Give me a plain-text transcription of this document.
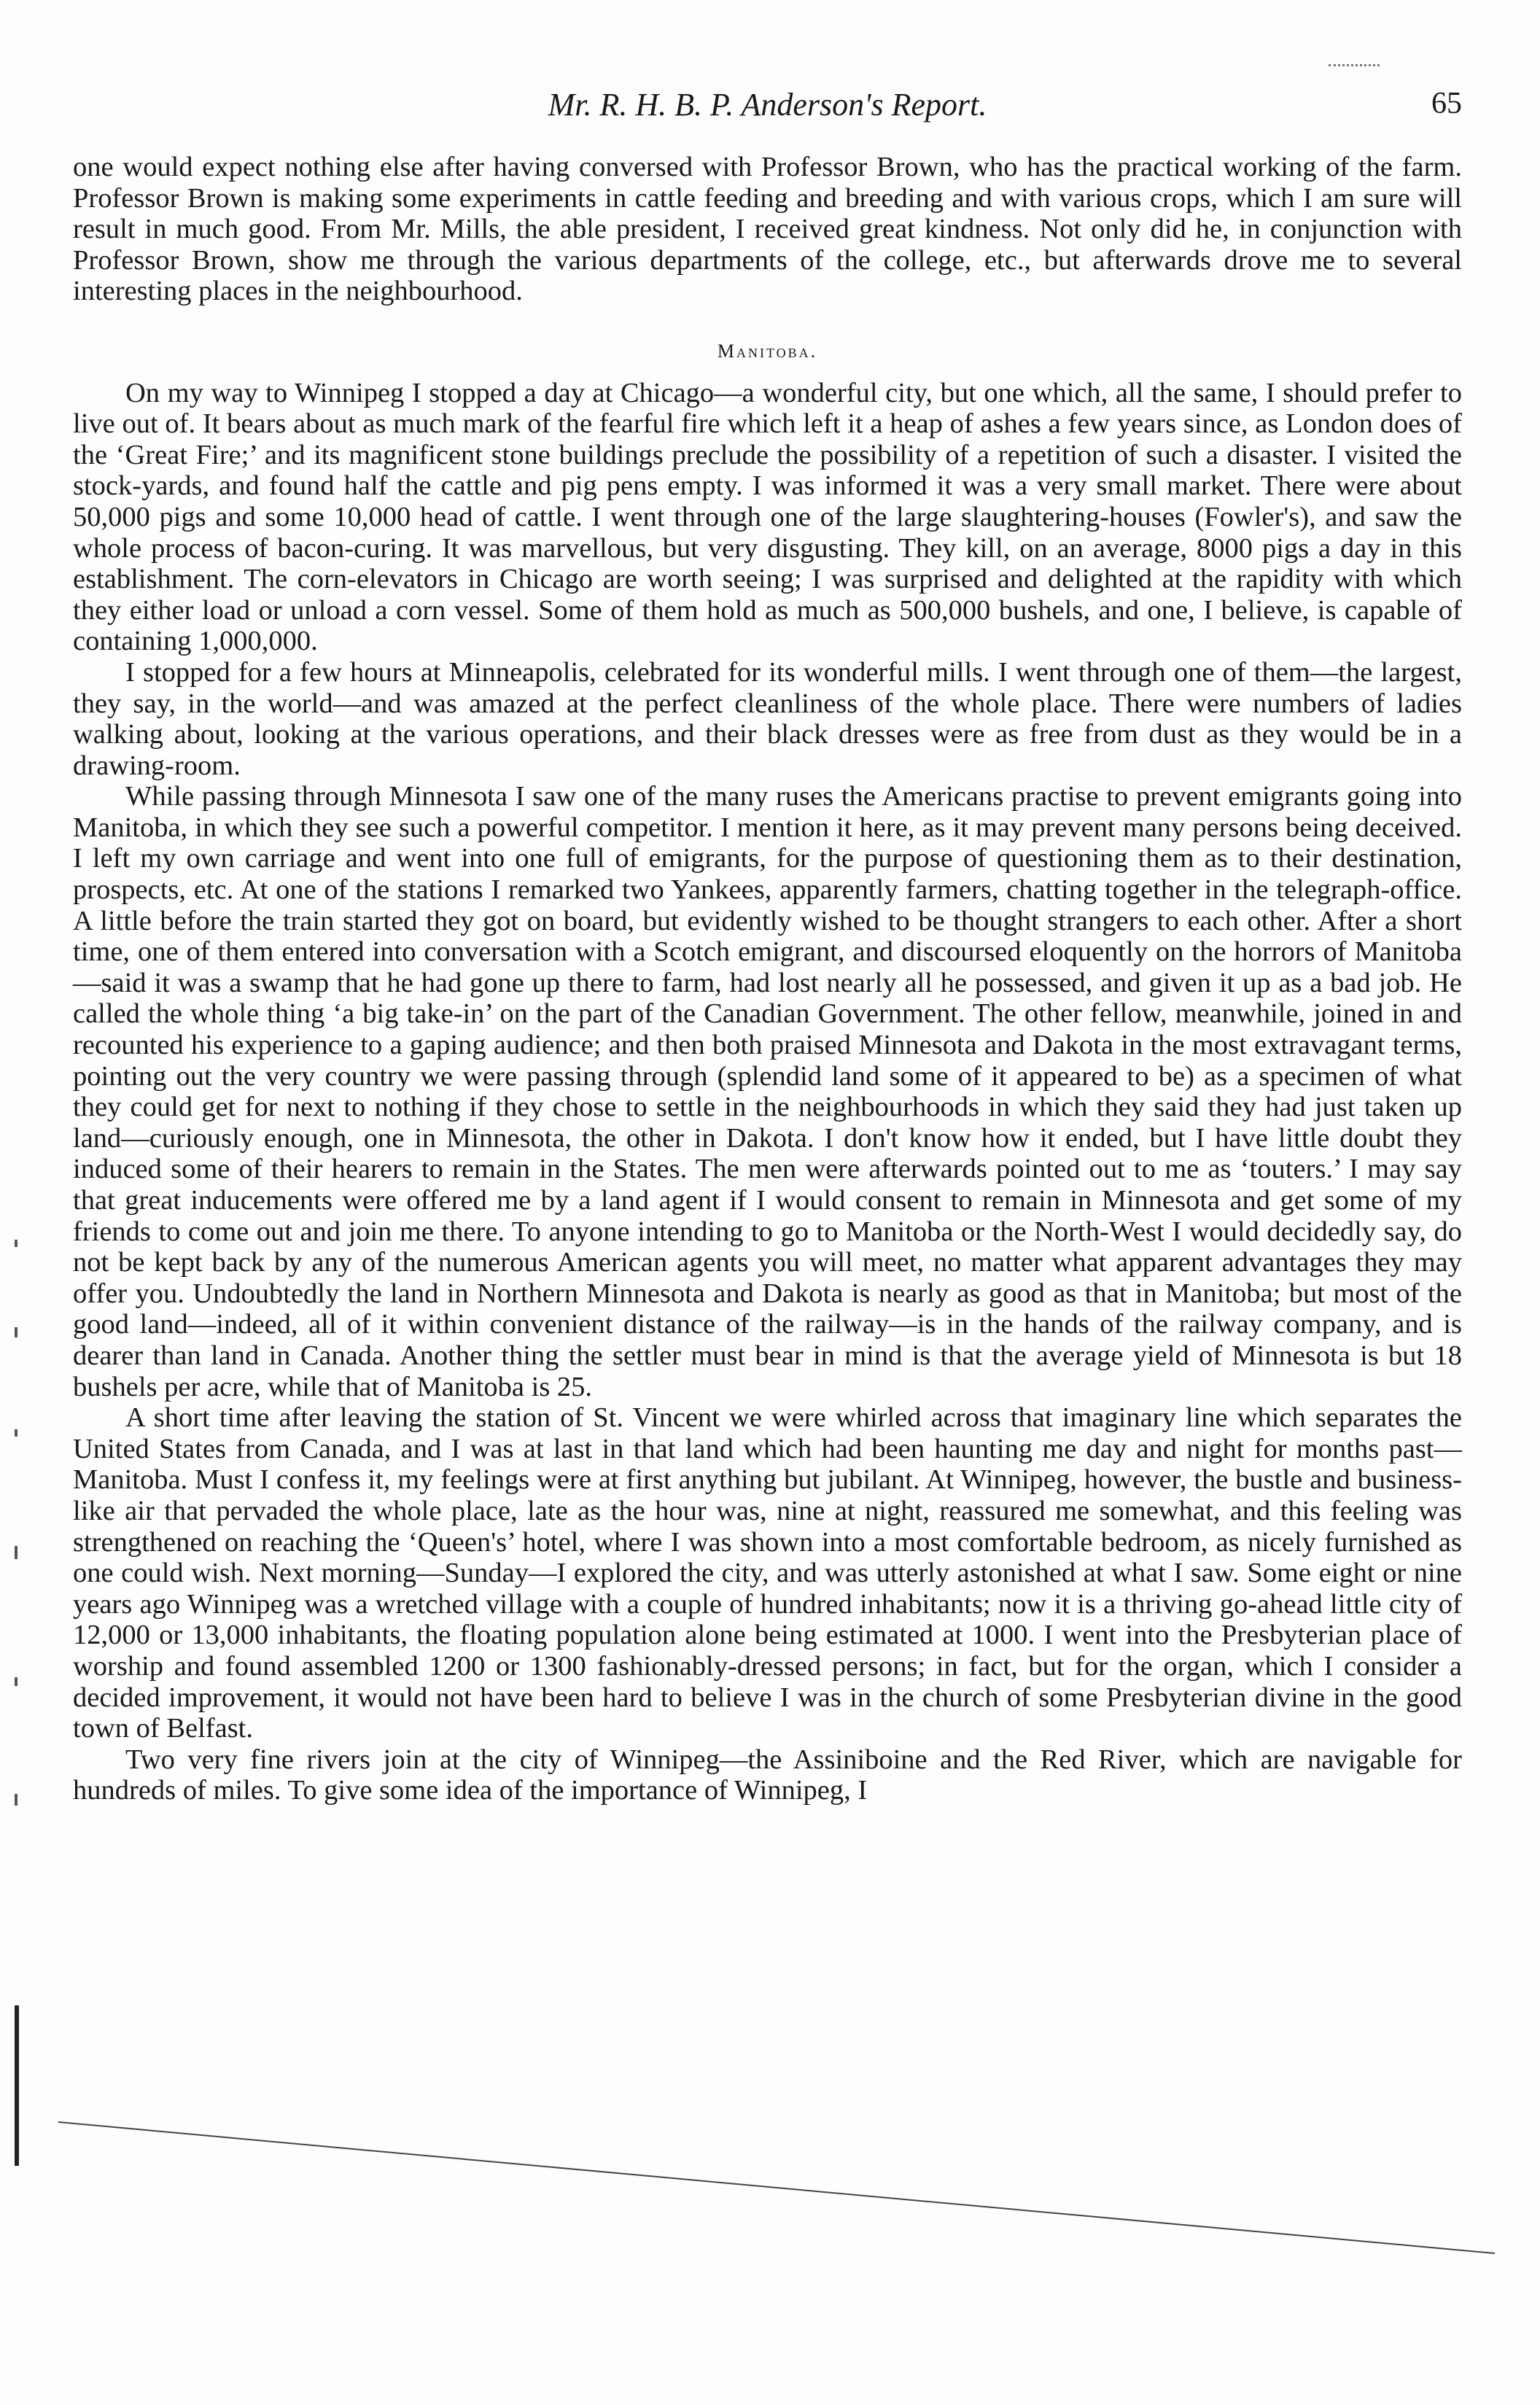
Mr. R. H. B. P. Anderson's Report.	65

one would expect nothing else after having conversed with Professor Brown, who has the practical working of the farm. Professor Brown is making some experiments in cattle feeding and breeding and with various crops, which I am sure will result in much good. From Mr. Mills, the able president, I received great kindness. Not only did he, in conjunction with Professor Brown, show me through the various departments of the college, etc., but afterwards drove me to several interesting places in the neighbourhood.

Manitoba.

On my way to Winnipeg I stopped a day at Chicago—a wonderful city, but one which, all the same, I should prefer to live out of. It bears about as much mark of the fearful fire which left it a heap of ashes a few years since, as London does of the ‘Great Fire;’ and its magnificent stone buildings preclude the possibility of a repetition of such a disaster. I visited the stock-yards, and found half the cattle and pig pens empty. I was informed it was a very small market. There were about 50,000 pigs and some 10,000 head of cattle. I went through one of the large slaughtering-houses (Fowler's), and saw the whole process of bacon-curing. It was marvellous, but very disgusting. They kill, on an average, 8000 pigs a day in this establishment. The corn-elevators in Chicago are worth seeing; I was surprised and delighted at the rapidity with which they either load or unload a corn vessel. Some of them hold as much as 500,000 bushels, and one, I believe, is capable of containing 1,000,000.

I stopped for a few hours at Minneapolis, celebrated for its wonderful mills. I went through one of them—the largest, they say, in the world—and was amazed at the perfect cleanliness of the whole place. There were numbers of ladies walking about, looking at the various operations, and their black dresses were as free from dust as they would be in a drawing-room.

While passing through Minnesota I saw one of the many ruses the Americans practise to prevent emigrants going into Manitoba, in which they see such a powerful competitor. I mention it here, as it may prevent many persons being deceived. I left my own carriage and went into one full of emigrants, for the purpose of questioning them as to their destination, prospects, etc. At one of the stations I remarked two Yankees, apparently farmers, chatting together in the telegraph-office. A little before the train started they got on board, but evidently wished to be thought strangers to each other. After a short time, one of them entered into conversation with a Scotch emigrant, and discoursed eloquently on the horrors of Manitoba—said it was a swamp that he had gone up there to farm, had lost nearly all he possessed, and given it up as a bad job. He called the whole thing ‘a big take-in’ on the part of the Canadian Government. The other fellow, meanwhile, joined in and recounted his experience to a gaping audience; and then both praised Minnesota and Dakota in the most extravagant terms, pointing out the very country we were passing through (splendid land some of it appeared to be) as a specimen of what they could get for next to nothing if they chose to settle in the neighbourhoods in which they said they had just taken up land—curiously enough, one in Minnesota, the other in Dakota. I don't know how it ended, but I have little doubt they induced some of their hearers to remain in the States. The men were afterwards pointed out to me as ‘touters.’ I may say that great inducements were offered me by a land agent if I would consent to remain in Minnesota and get some of my friends to come out and join me there. To anyone intending to go to Manitoba or the North-West I would decidedly say, do not be kept back by any of the numerous American agents you will meet, no matter what apparent advantages they may offer you. Undoubtedly the land in Northern Minnesota and Dakota is nearly as good as that in Manitoba; but most of the good land—indeed, all of it within convenient distance of the railway—is in the hands of the railway company, and is dearer than land in Canada. Another thing the settler must bear in mind is that the average yield of Minnesota is but 18 bushels per acre, while that of Manitoba is 25.

A short time after leaving the station of St. Vincent we were whirled across that imaginary line which separates the United States from Canada, and I was at last in that land which had been haunting me day and night for months past—Manitoba. Must I confess it, my feelings were at first anything but jubilant. At Winnipeg, however, the bustle and business-like air that pervaded the whole place, late as the hour was, nine at night, reassured me somewhat, and this feeling was strengthened on reaching the ‘Queen's’ hotel, where I was shown into a most comfortable bedroom, as nicely furnished as one could wish. Next morning—Sunday—I explored the city, and was utterly astonished at what I saw. Some eight or nine years ago Winnipeg was a wretched village with a couple of hundred inhabitants; now it is a thriving go-ahead little city of 12,000 or 13,000 inhabitants, the floating population alone being estimated at 1000. I went into the Presbyterian place of worship and found assembled 1200 or 1300 fashionably-dressed persons; in fact, but for the organ, which I consider a decided improvement, it would not have been hard to believe I was in the church of some Presbyterian divine in the good town of Belfast.

Two very fine rivers join at the city of Winnipeg—the Assiniboine and the Red River, which are navigable for hundreds of miles. To give some idea of the importance of Winnipeg, I
